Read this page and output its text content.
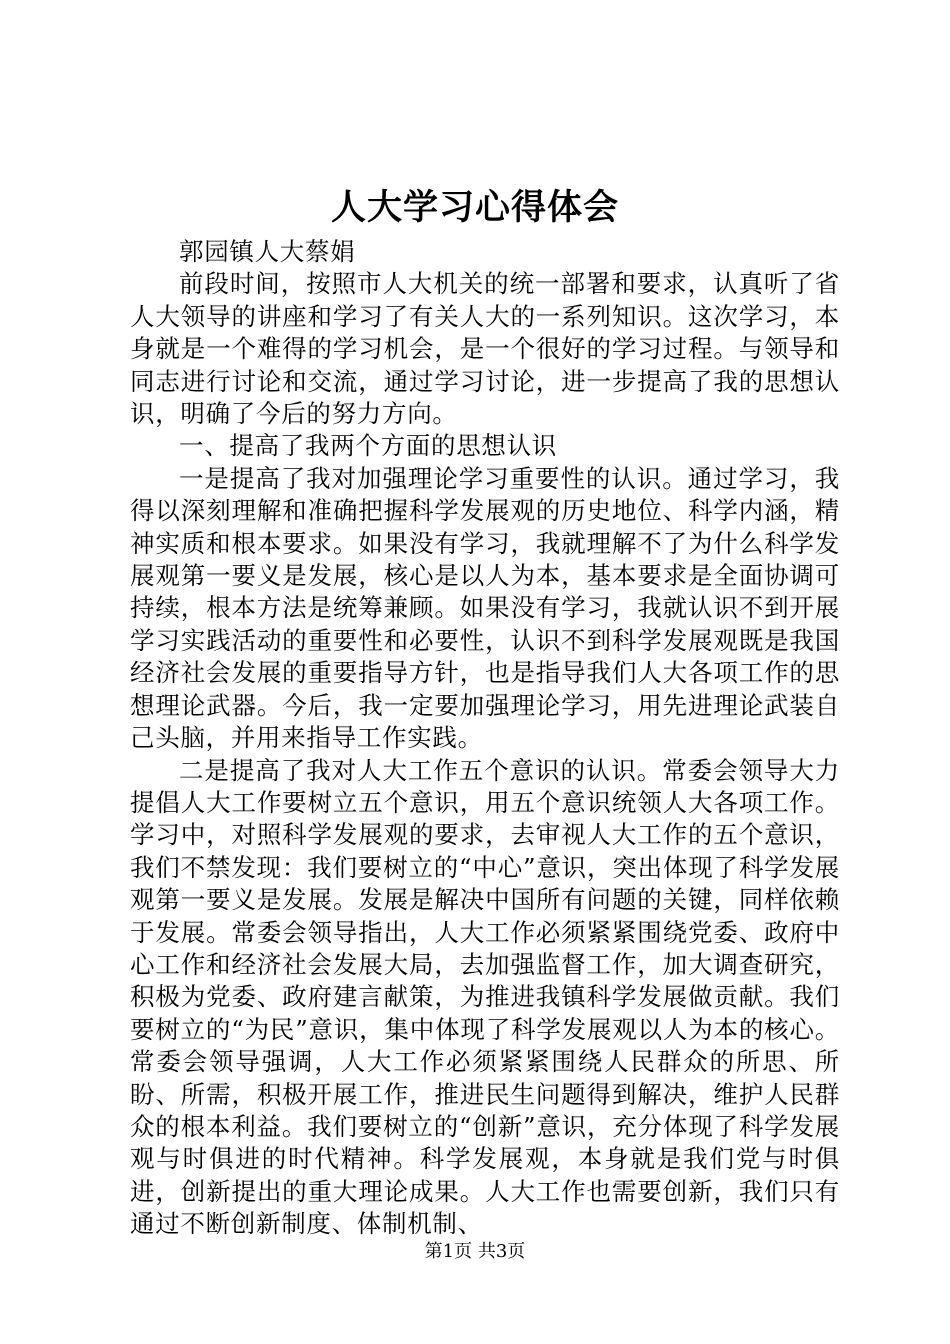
人大学习心得体会

郭园镇人大蔡娟

前段时间，按照市人大机关的统一部署和要求，认真听了省人大领导的讲座和学习了有关人大的一系列知识。这次学习，本身就是一个难得的学习机会，是一个很好的学习过程。与领导和同志进行讨论和交流，通过学习讨论，进一步提高了我的思想认识，明确了今后的努力方向。

一、提高了我两个方面的思想认识

一是提高了我对加强理论学习重要性的认识。通过学习，我得以深刻理解和准确把握科学发展观的历史地位、科学内涵，精神实质和根本要求。如果没有学习，我就理解不了为什么科学发展观第一要义是发展，核心是以人为本，基本要求是全面协调可持续，根本方法是统筹兼顾。如果没有学习，我就认识不到开展学习实践活动的重要性和必要性，认识不到科学发展观既是我国经济社会发展的重要指导方针，也是指导我们人大各项工作的思想理论武器。今后，我一定要加强理论学习，用先进理论武装自己头脑，并用来指导工作实践。

二是提高了我对人大工作五个意识的认识。常委会领导大力提倡人大工作要树立五个意识，用五个意识统领人大各项工作。学习中，对照科学发展观的要求，去审视人大工作的五个意识，我们不禁发现：我们要树立的“中心”意识，突出体现了科学发展观第一要义是发展。发展是解决中国所有问题的关键，同样依赖于发展。常委会领导指出，人大工作必须紧紧围绕党委、政府中心工作和经济社会发展大局，去加强监督工作，加大调查研究，积极为党委、政府建言献策，为推进我镇科学发展做贡献。我们要树立的“为民”意识，集中体现了科学发展观以人为本的核心。常委会领导强调，人大工作必须紧紧围绕人民群众的所思、所盼、所需，积极开展工作，推进民生问题得到解决，维护人民群众的根本利益。我们要树立的“创新”意识，充分体现了科学发展观与时俱进的时代精神。科学发展观，本身就是我们党与时俱进，创新提出的重大理论成果。人大工作也需要创新，我们只有通过不断创新制度、体制机制、

第1页 共3页
